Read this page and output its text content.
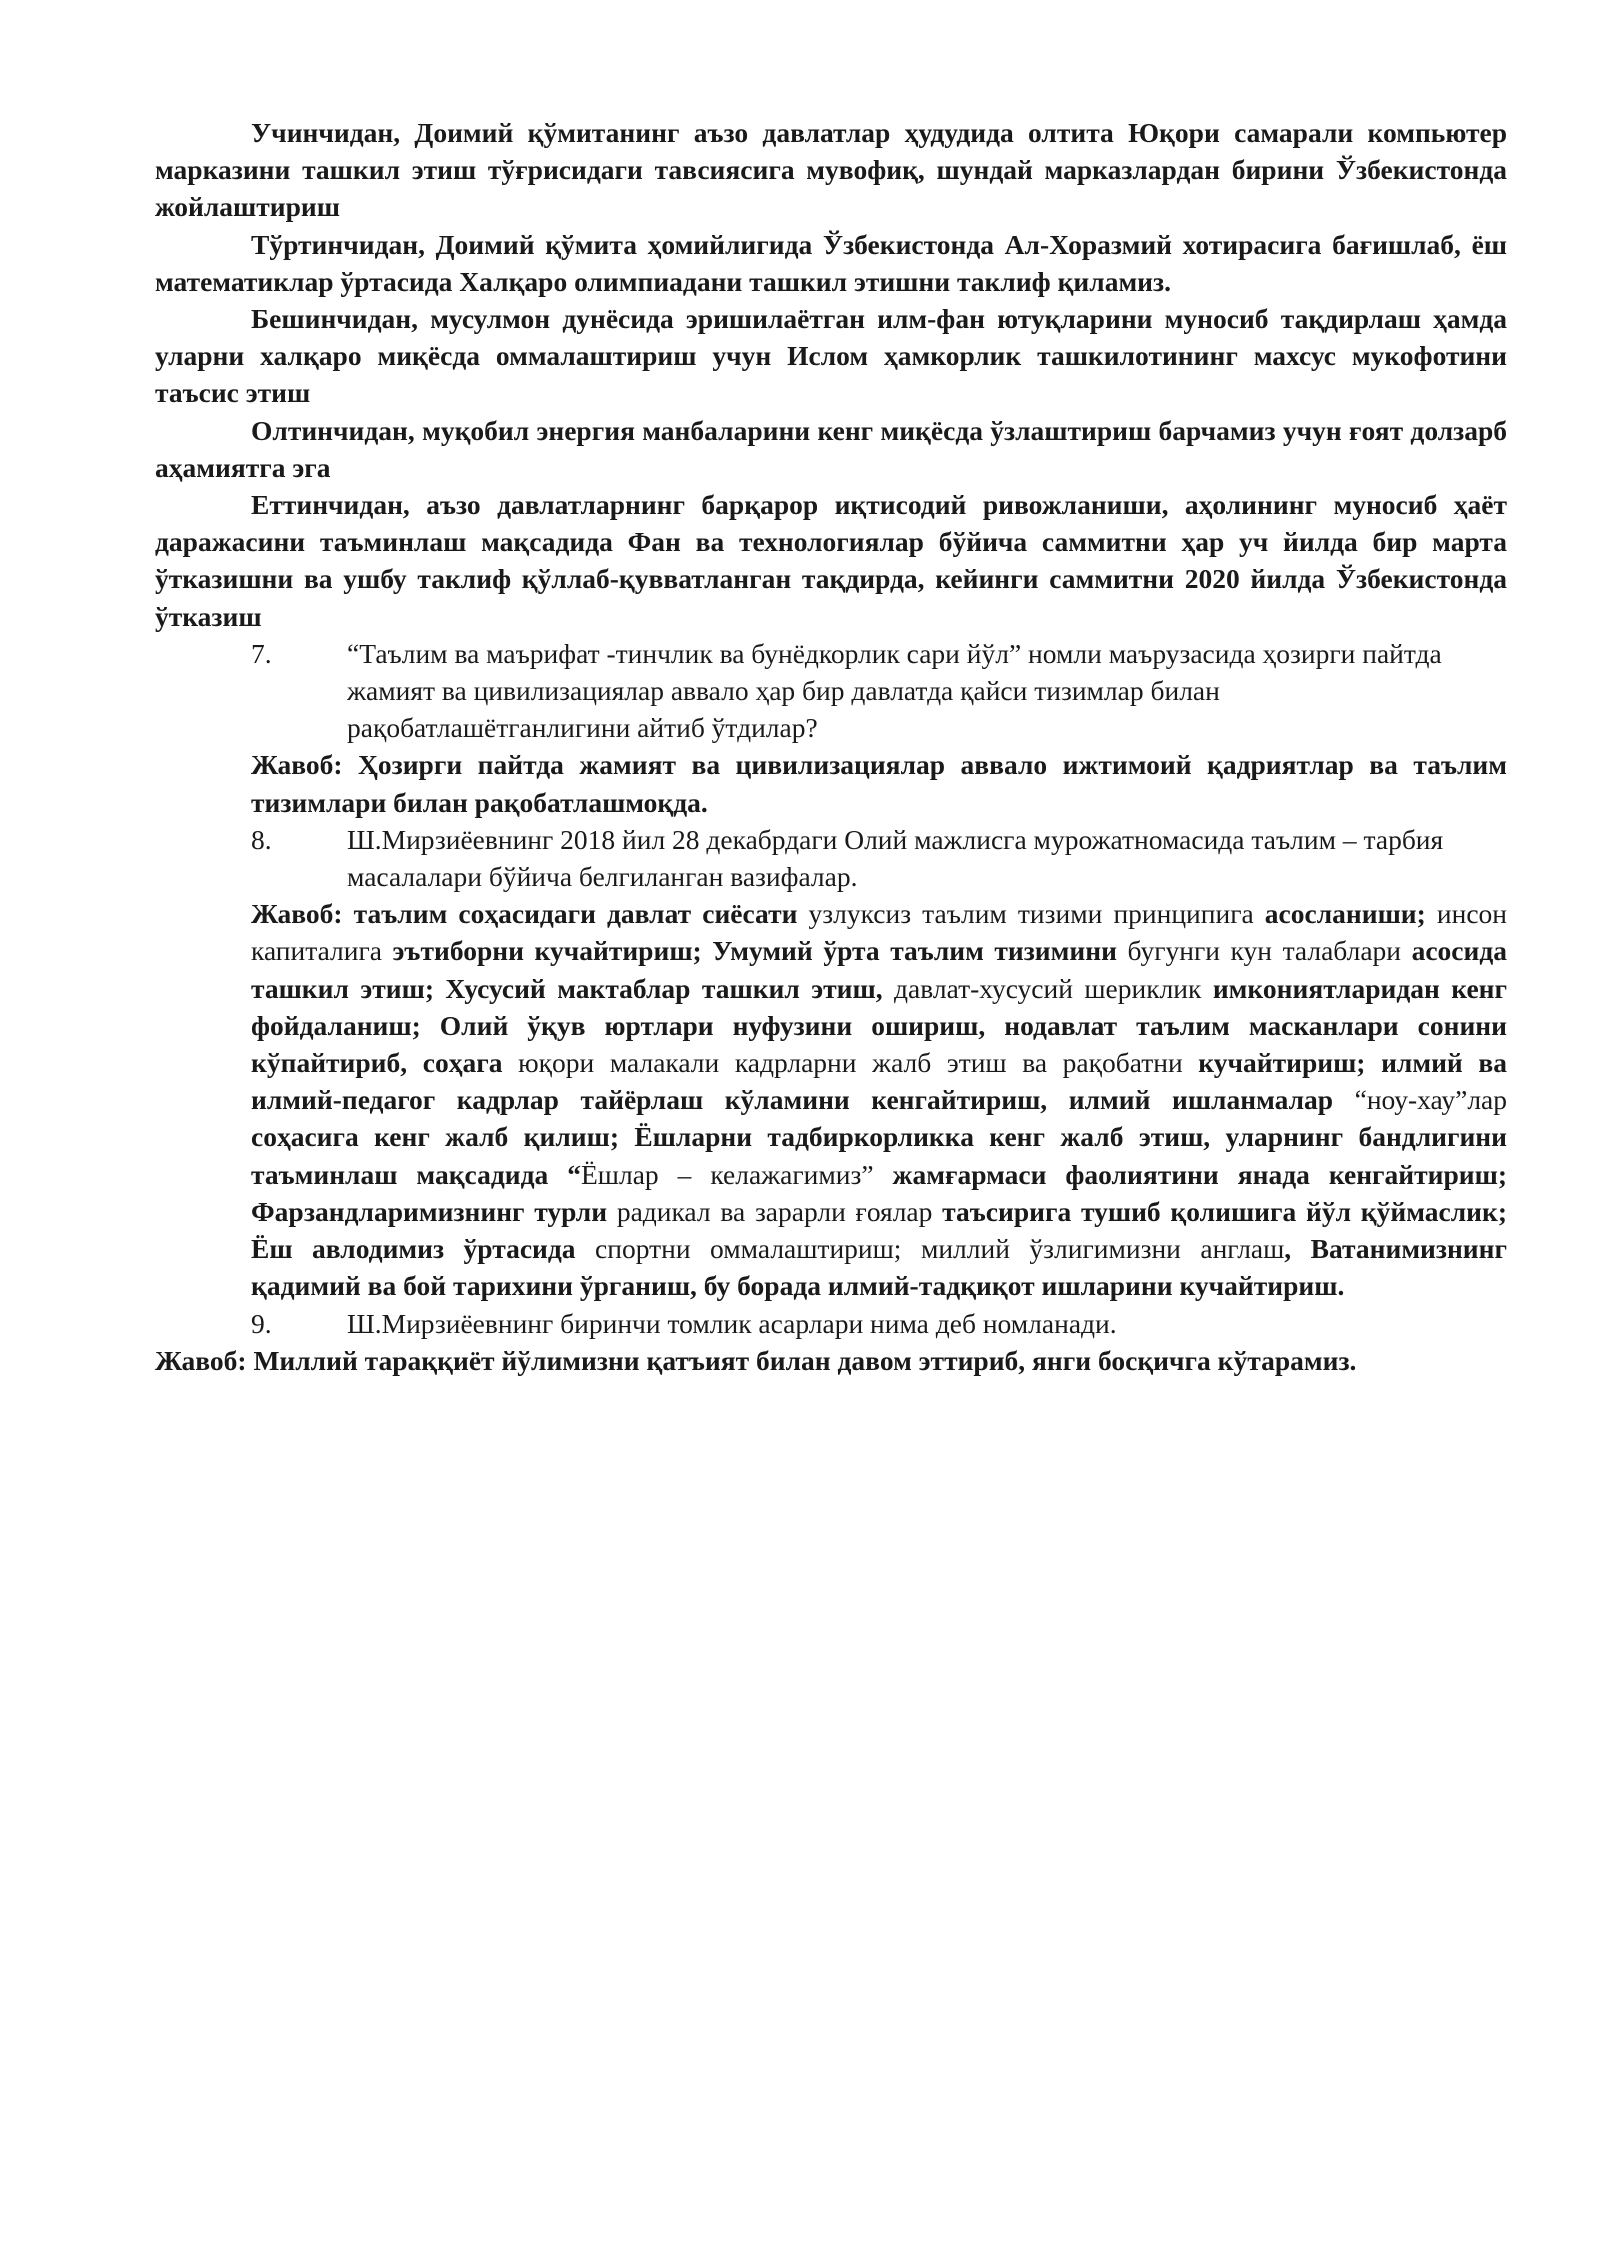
Учинчидан, Доимий қўмитанинг аъзо давлатлар ҳудудида олтита Юқори самарали компьютер марказини ташкил этиш тўғрисидаги тавсиясига мувофиқ, шундай марказлардан бирини Ўзбекистонда жойлаштириш

Тўртинчидан, Доимий қўмита ҳомийлигида Ўзбекистонда Ал-Хоразмий хотирасига бағишлаб, ёш математиклар ўртасида Халқаро олимпиадани ташкил этишни таклиф қиламиз.

Бешинчидан, мусулмон дунёсида эришилаётган илм-фан ютуқларини муносиб тақдирлаш ҳамда уларни халқаро миқёсда оммалаштириш учун Ислом ҳамкорлик ташкилотининг махсус мукофотини таъсис этиш

Олтинчидан, муқобил энергия манбаларини кенг миқёсда ўзлаштириш барчамиз учун ғоят долзарб аҳамиятга эга

Еттинчидан, аъзо давлатларнинг барқарор иқтисодий ривожланиши, аҳолининг муносиб ҳаёт даражасини таъминлаш мақсадида Фан ва технологиялар бўйича саммитни ҳар уч йилда бир марта ўтказишни ва ушбу таклиф қўллаб-қувватланган тақдирда, кейинги саммитни 2020 йилда Ўзбекистонда ўтказиш

7.	“Таълим ва маърифат -тинчлик ва бунёдкорлик сари йўл” номли маърузасида ҳозирги пайтда жамият ва цивилизациялар аввало ҳар бир давлатда қайси тизимлар билан рақобатлашётганлигини айтиб ўтдилар?

Жавоб: Ҳозирги пайтда жамият ва цивилизациялар аввало ижтимоий қадриятлар ва таълим тизимлари билан рақобатлашмоқда.

8.	Ш.Мирзиёевнинг 2018 йил 28 декабрдаги Олий мажлисга мурожатномасида таълим – тарбия масалалари бўйича белгиланган вазифалар.

Жавоб: таълим соҳасидаги давлат сиёсати узлуксиз таълим тизими принципига асосланиши; инсон капиталига эътиборни кучайтириш; Умумий ўрта таълим тизимини бугунги кун талаблари асосида ташкил этиш; Хусусий мактаблар ташкил этиш, давлат-хусусий шериклик имкониятларидан кенг фойдаланиш; Олий ўқув юртлари нуфузини ошириш, нодавлат таълим масканлари сонини кўпайтириб, соҳага юқори малакали кадрларни жалб этиш ва рақобатни кучайтириш; илмий ва илмий-педагог кадрлар тайёрлаш кўламини кенгайтириш, илмий ишланмалар “ноу-хау”лар соҳасига кенг жалб қилиш; Ёшларни тадбиркорликка кенг жалб этиш, уларнинг бандлигини таъминлаш мақсадида “Ёшлар – келажагимиз” жамғармаси фаолиятини янада кенгайтириш; Фарзандларимизнинг турли радикал ва зарарли ғоялар таъсирига тушиб қолишига йўл қўймаслик; Ёш авлодимиз ўртасида спортни оммалаштириш; миллий ўзлигимизни англаш, Ватанимизнинг қадимий ва бой тарихини ўрганиш, бу борада илмий-тадқиқот ишларини кучайтириш.

9.	Ш.Мирзиёевнинг биринчи томлик асарлари нима деб номланади.

Жавоб: Миллий тараққиёт йўлимизни қатъият билан давом эттириб, янги босқичга кўтарамиз.
